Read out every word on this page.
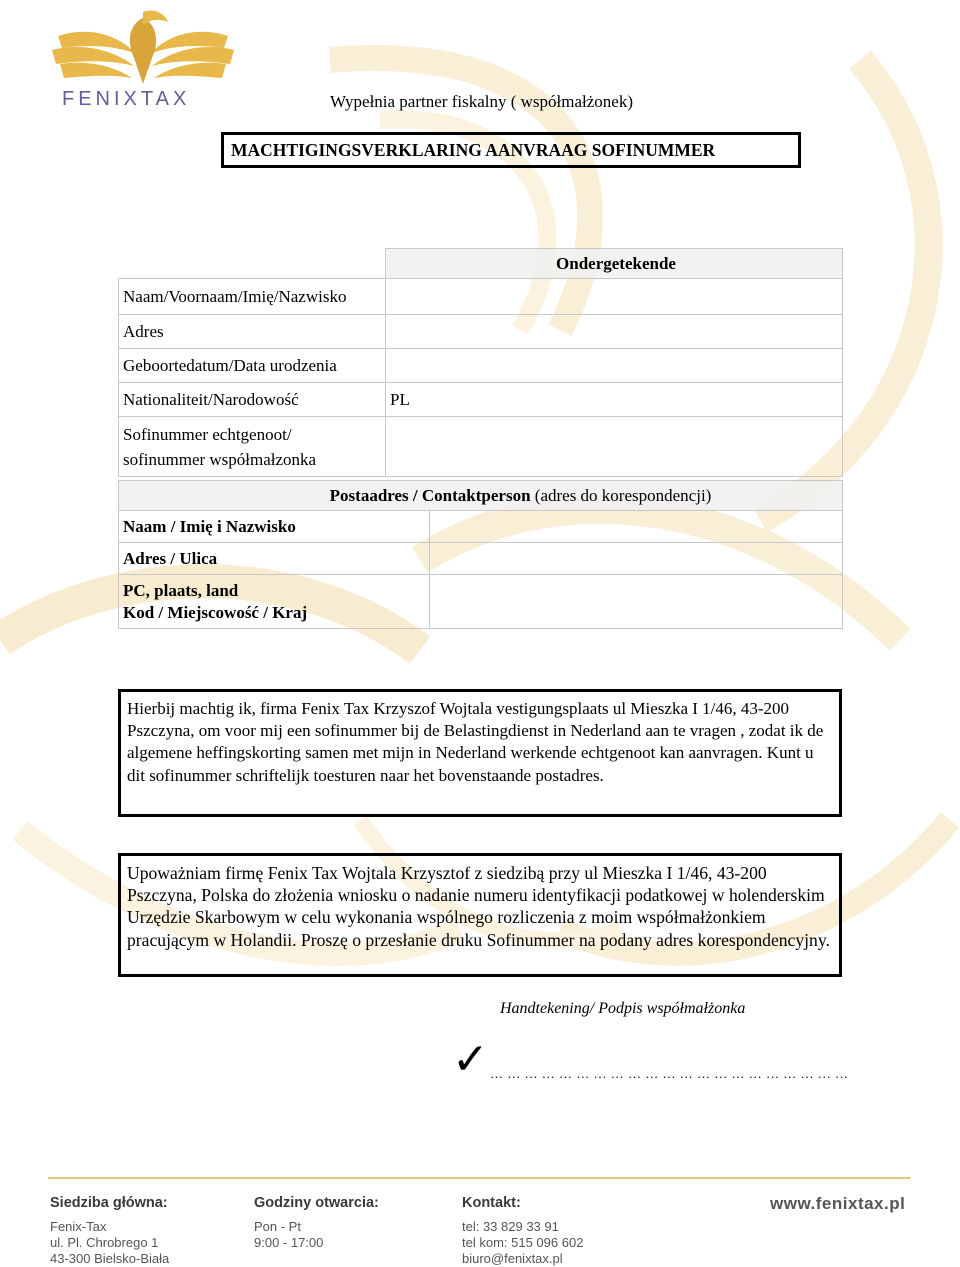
FENIXTAX	Wypełnia partner fiskalny ( współmałżonek)
MACHTIGINGSVERKLARING AANVRAAG SOFINUMMER
	Ondergetekende
Naam/Voornaam/Imię/Nazwisko	
Adres	
Geboortedatum/Data urodzenia	
Nationaliteit/Narodowość	PL
Sofinummer echtgenoot/
sofinummer współmałzonka	
Postaadres / Contaktperson (adres do korespondencji)	
Naam / Imię i Nazwisko	
Adres / Ulica	
PC, plaats, land
Kod / Miejscowość / Kraj	
Hierbij machtig ik, firma Fenix Tax Krzyszof Wojtala vestigungsplaats ul Mieszka I 1/46, 43-200 Pszczyna, om voor mij een sofinummer bij de Belastingdienst in Nederland aan te vragen , zodat ik de algemene heffingskorting samen met mijn in Nederland werkende echtgenoot kan aanvragen. Kunt u dit sofinummer schriftelijk toesturen naar het bovenstaande postadres.
Upoważniam firmę Fenix Tax Wojtala Krzysztof z siedzibą przy ul Mieszka I 1/46, 43-200 Pszczyna, Polska do złożenia wniosku o nadanie numeru identyfikacji podatkowej w holenderskim Urzędzie Skarbowym w celu wykonania wspólnego rozliczenia z moim współmałżonkiem pracującym w Holandii. Proszę o przesłanie druku Sofinummer na podany adres korespondencyjny.
Handtekening/ Podpis współmałżonka
✓ … … … … … … … … … … … … … … … … … … … … …
Siedziba główna:
Fenix-Tax
ul. Pl. Chrobrego 1
43-300 Bielsko-Biała
Godziny otwarcia:
Pon - Pt
9:00 - 17:00
Kontakt:
tel: 33 829 33 91
tel kom: 515 096 602
biuro@fenixtax.pl
www.fenixtax.pl
